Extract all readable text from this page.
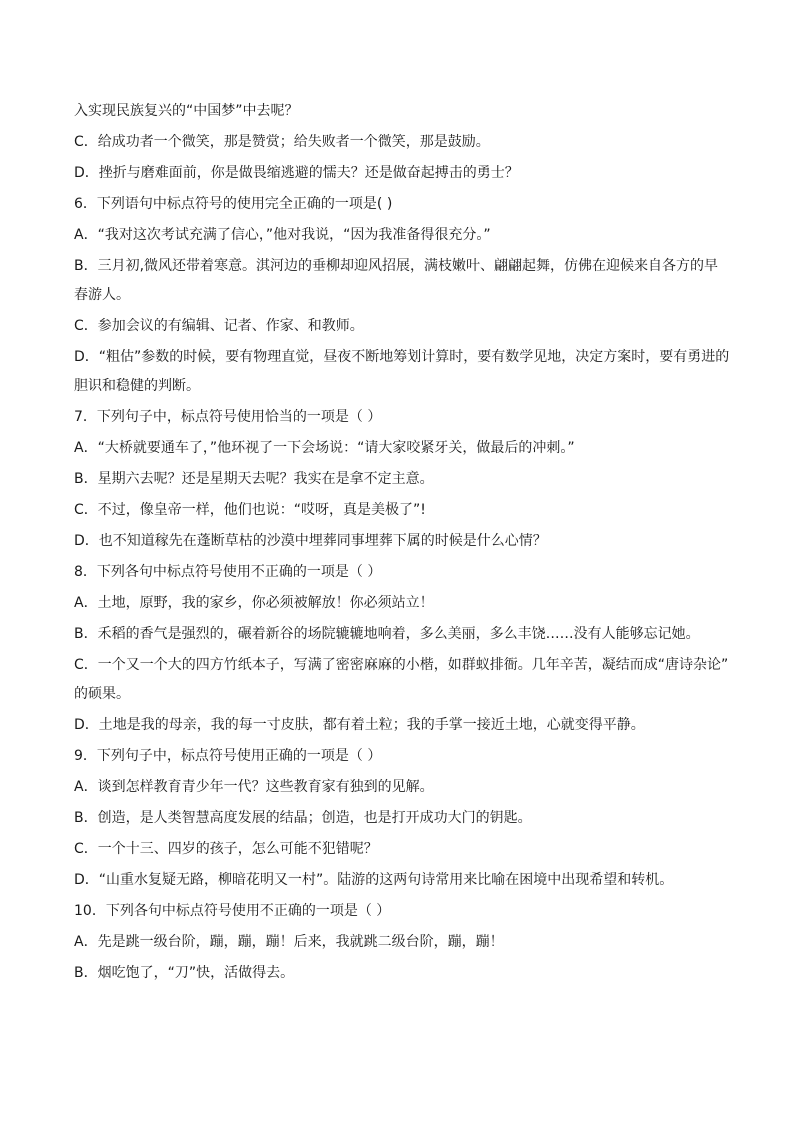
入实现民族复兴的“中国梦”中去呢？
C．给成功者一个微笑，那是赞赏；给失败者一个微笑，那是鼓励。
D．挫折与磨难面前，你是做畏缩逃避的懦夫？还是做奋起搏击的勇士？
6．下列语句中标点符号的使用完全正确的一项是( )
A．“我对这次考试充满了信心，”他对我说，“因为我准备得很充分。”
B．三月初,微风还带着寒意。淇河边的垂柳却迎风招展，满枝嫩叶、翩翩起舞，仿佛在迎候来自各方的早
春游人。
C．参加会议的有编辑、记者、作家、和教师。
D．“粗估”参数的时候，要有物理直觉，昼夜不断地筹划计算时，要有数学见地，决定方案时，要有勇进的
胆识和稳健的判断。
7．下列句子中，标点符号使用恰当的一项是（ ）
A．“大桥就要通车了，”他环视了一下会场说：“请大家咬紧牙关，做最后的冲刺。”
B．星期六去呢？还是星期天去呢？我实在是拿不定主意。
C．不过，像皇帝一样，他们也说：“哎呀，真是美极了”!
D．也不知道稼先在蓬断草枯的沙漠中埋葬同事埋葬下属的时候是什么心情？
8．下列各句中标点符号使用不正确的一项是（ ）
A．土地，原野，我的家乡，你必须被解放！你必须站立！
B．禾稻的香气是强烈的，碾着新谷的场院辘辘地响着，多么美丽，多么丰饶……没有人能够忘记她。
C．一个又一个大的四方竹纸本子，写满了密密麻麻的小楷，如群蚁排衙。几年辛苦，凝结而成“唐诗杂论”
的硕果。
D．土地是我的母亲，我的每一寸皮肤，都有着土粒；我的手掌一接近土地，心就变得平静。
9．下列句子中，标点符号使用正确的一项是（ ）
A．谈到怎样教育青少年一代？这些教育家有独到的见解。
B．创造，是人类智慧高度发展的结晶；创造，也是打开成功大门的钥匙。
C．一个十三、四岁的孩子，怎么可能不犯错呢？
D．“山重水复疑无路，柳暗花明又一村”。陆游的这两句诗常用来比喻在困境中出现希望和转机。
10．下列各句中标点符号使用不正确的一项是（ ）
A．先是跳一级台阶，蹦，蹦，蹦！后来，我就跳二级台阶，蹦，蹦！
B．烟吃饱了，“刀”快，活做得去。
